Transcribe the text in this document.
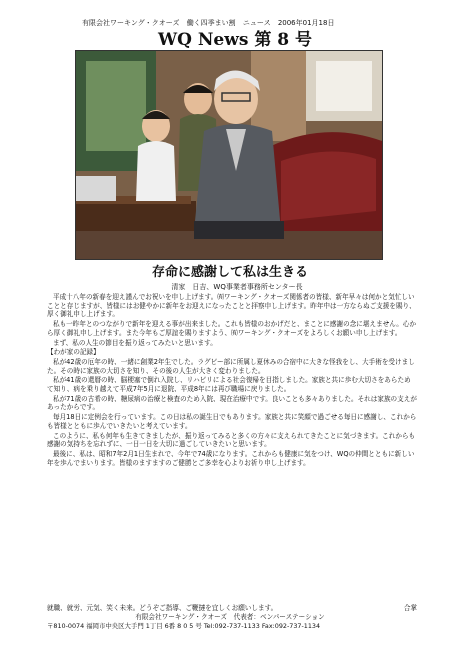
有限会社ワーキング・クオーズ 働く四季まい割 ニュース 2006年01月18日
WQ News 第 8 号
存命に感謝して私は生きる
清家　日吉、WQ事業者事務所センター長

平成十八年の新春を迎え謹んでお祝いを申し上げます。㈲ワーキング・クオーズ関係者の皆様、新年早々は何かと気忙しいことと存じますが、皆様にはお健やかに新年をお迎えになったことと拝察申し上げます。昨年中は一方ならぬご支援を賜り、厚く御礼申し上げます。

私も一昨年とのつながりで新年を迎える事が出来ました。これも皆様のおかげだと、まことに感謝の念に堪えません。心から厚く御礼申し上げます。また今年もご厚誼を賜りますよう、㈲ワーキング・クオーズをよろしくお願い申し上げます。

まず、私の人生の節目を振り返ってみたいと思います。

【わが家の記録】

私が42歳の厄年の時、一緒に創業2年生でした。ラグビー部に所属し夏休みの合宿中に大きな怪我をし、大手術を受けました。その時に家族の大切さを知り、その後の人生が大きく変わりました。

私が41歳の還暦の時、脳梗塞で倒れ入院し、リハビリによる社会復帰を目指しました。家族と共に歩む大切さをあらためて知り、病を乗り越えて平成7年5月に退院、平成8年には再び職場に戻りました。

私が71歳の古希の時、糖尿病の治療と検査のため入院、現在治療中です。良いことも多々ありました。それは家族の支えがあったからです。

毎月18日に定例会を行っています。この日は私の誕生日でもあります。家族と共に笑顔で過ごせる毎日に感謝し、これからも皆様とともに歩んでいきたいと考えています。

このように、私も何年も生きてきましたが、振り返ってみると多くの方々に支えられてきたことに気づきます。これからも感謝の気持ちを忘れずに、一日一日を大切に過ごしていきたいと思います。

最後に、私は、昭和7年2月1日生まれで、今年で74歳になります。これからも健康に気をつけ、WQの仲間とともに新しい年を歩んでまいります。皆様のますますのご健勝とご多幸を心よりお祈り申し上げます。

就職、就労、元気、笑く未来。どうぞご指導、ご鞭撻を宜しくお願いします。	合掌
有限会社ワーキング・クオーズ　代表者：ベンパーステーション
〒810-0074 福岡市中央区大手門 1丁目 6番 8 0 5 号 Tel:092-737-1133 Fax:092-737-1134
